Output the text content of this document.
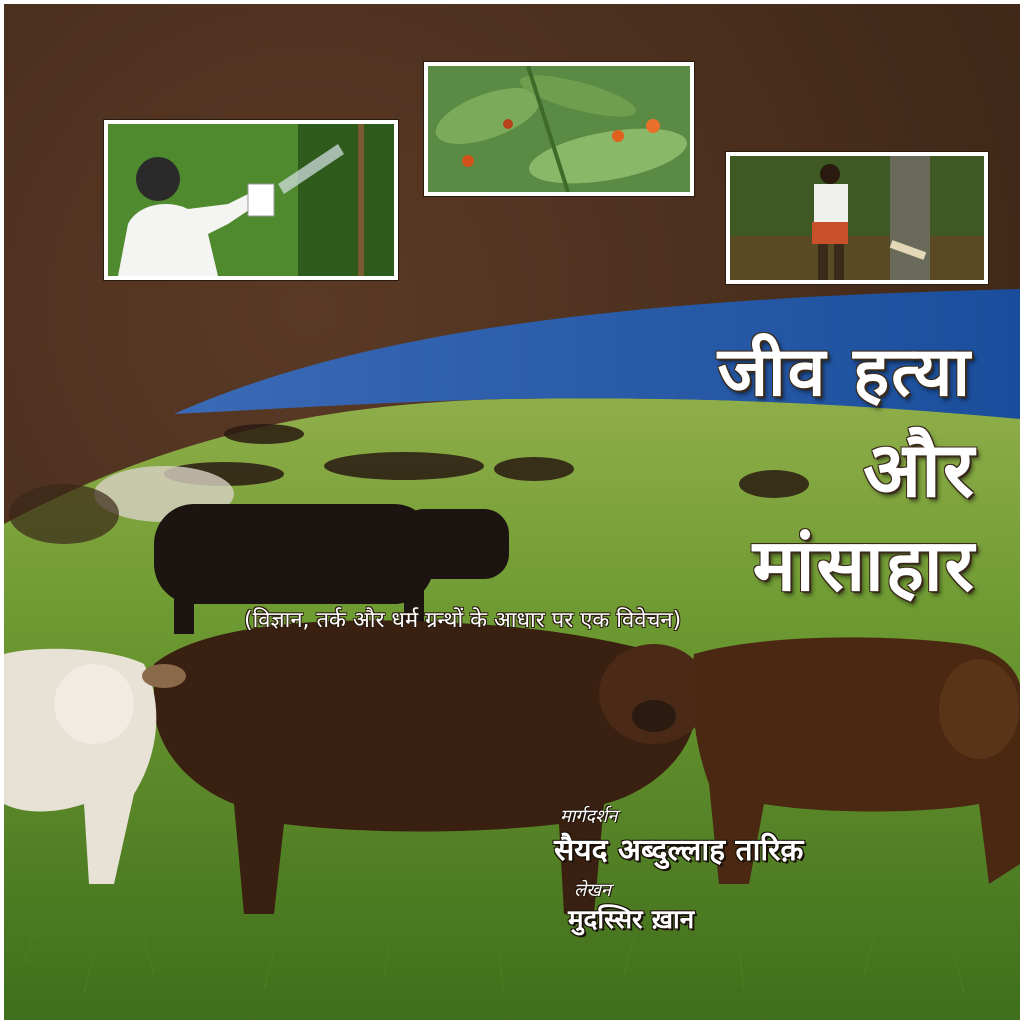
जीव हत्या
और
मांसाहार
(विज्ञान, तर्क और धर्म ग्रन्थों के आधार पर एक विवेचन)
मार्गदर्शन
सैयद अब्दुल्लाह तारिक़
लेखन
मुदस्सिर ख़ान
